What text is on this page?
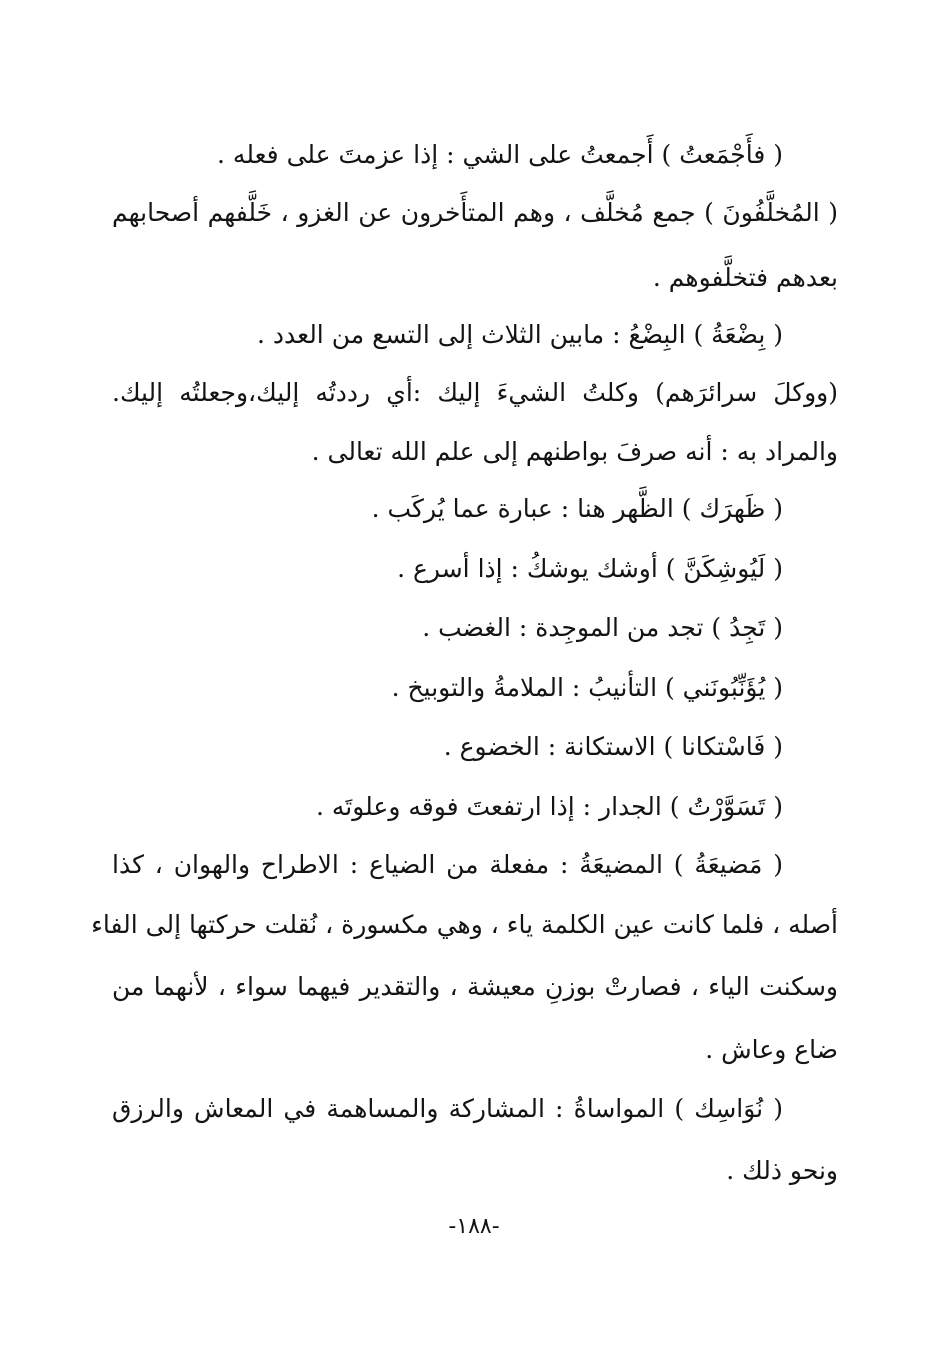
( فأَجْمَعتُ ) أَجمعتُ على الشي : إذا عزمتَ على فعله .
( المُخلَّفُونَ ) جمع مُخلَّف ، وهم المتأَخرون عن الغزو ، خَلَّفهم أصحابهم
بعدهم فتخلَّفوهم .
( بِضْعَةُ ) البِضْعُ : مابين الثلاث إلى التسع من العدد .
(ووكلَ سرائرَهم) وكلتُ الشيءَ إليك :أي رددتُه إليك،وجعلتُه إليك.
والمراد به : أنه صرفَ بواطنهم إلى علم الله تعالى .
( ظَهرَك ) الظَّهر هنا : عبارة عما يُركَب .
( لَيُوشِكَنَّ ) أوشك يوشكُ : إذا أسرع .
( تَجِدُ ) تجد من الموجِدة : الغضب .
( يُؤَنِّبُونَني ) التأنيبُ : الملامةُ والتوبيخ .
( فَاسْتكانا ) الاستكانة : الخضوع .
( تَسَوَّرْتُ ) الجدار : إذا ارتفعتَ فوقه وعلوتَه .
( مَضيعَةُ ) المضيعَةُ : مفعلة من الضياع : الاطراح والهوان ، كذا
أصله ، فلما كانت عين الكلمة ياء ، وهي مكسورة ، نُقلت حركتها إلى الفاء
وسكنت الياء ، فصارتْ بوزنِ معيشة ، والتقدير فيهما سواء ، لأنهما من
ضاع وعاش .
( نُوَاسِك ) المواساةُ : المشاركة والمساهمة في المعاش والرزق
ونحو ذلك .
-١٨٨-
